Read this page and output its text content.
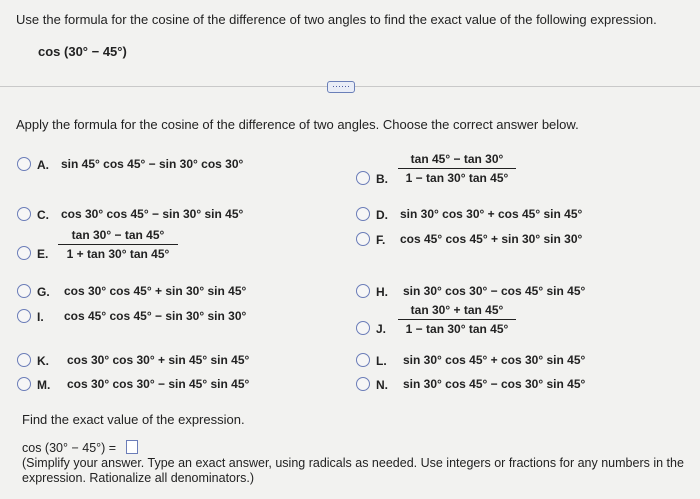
Use the formula for the cosine of the difference of two angles to find the exact value of the following expression.
cos (30° − 45°)
⋯⋯
Apply the formula for the cosine of the difference of two angles. Choose the correct answer below.
A. sin 45° cos 45° − sin 30° cos 30°
B.
tan 45° − tan 30°
1 − tan 30° tan 45°
C. cos 30° cos 45° − sin 30° sin 45°	D. sin 30° cos 30° + cos 45° sin 45°
E.
tan 30° − tan 45°
1 + tan 30° tan 45°
F. cos 45° cos 45° + sin 30° sin 30°
G. cos 30° cos 45° + sin 30° sin 45°	H. sin 30° cos 30° − cos 45° sin 45°
I. cos 45° cos 45° − sin 30° sin 30°
J.
tan 30° + tan 45°
1 − tan 30° tan 45°
K. cos 30° cos 30° + sin 45° sin 45°	L. sin 30° cos 45° + cos 30° sin 45°
M. cos 30° cos 30° − sin 45° sin 45°	N. sin 30° cos 45° − cos 30° sin 45°
Find the exact value of the expression.
cos (30° − 45°) =
(Simplify your answer. Type an exact answer, using radicals as needed. Use integers or fractions for any numbers in the expression. Rationalize all denominators.)
